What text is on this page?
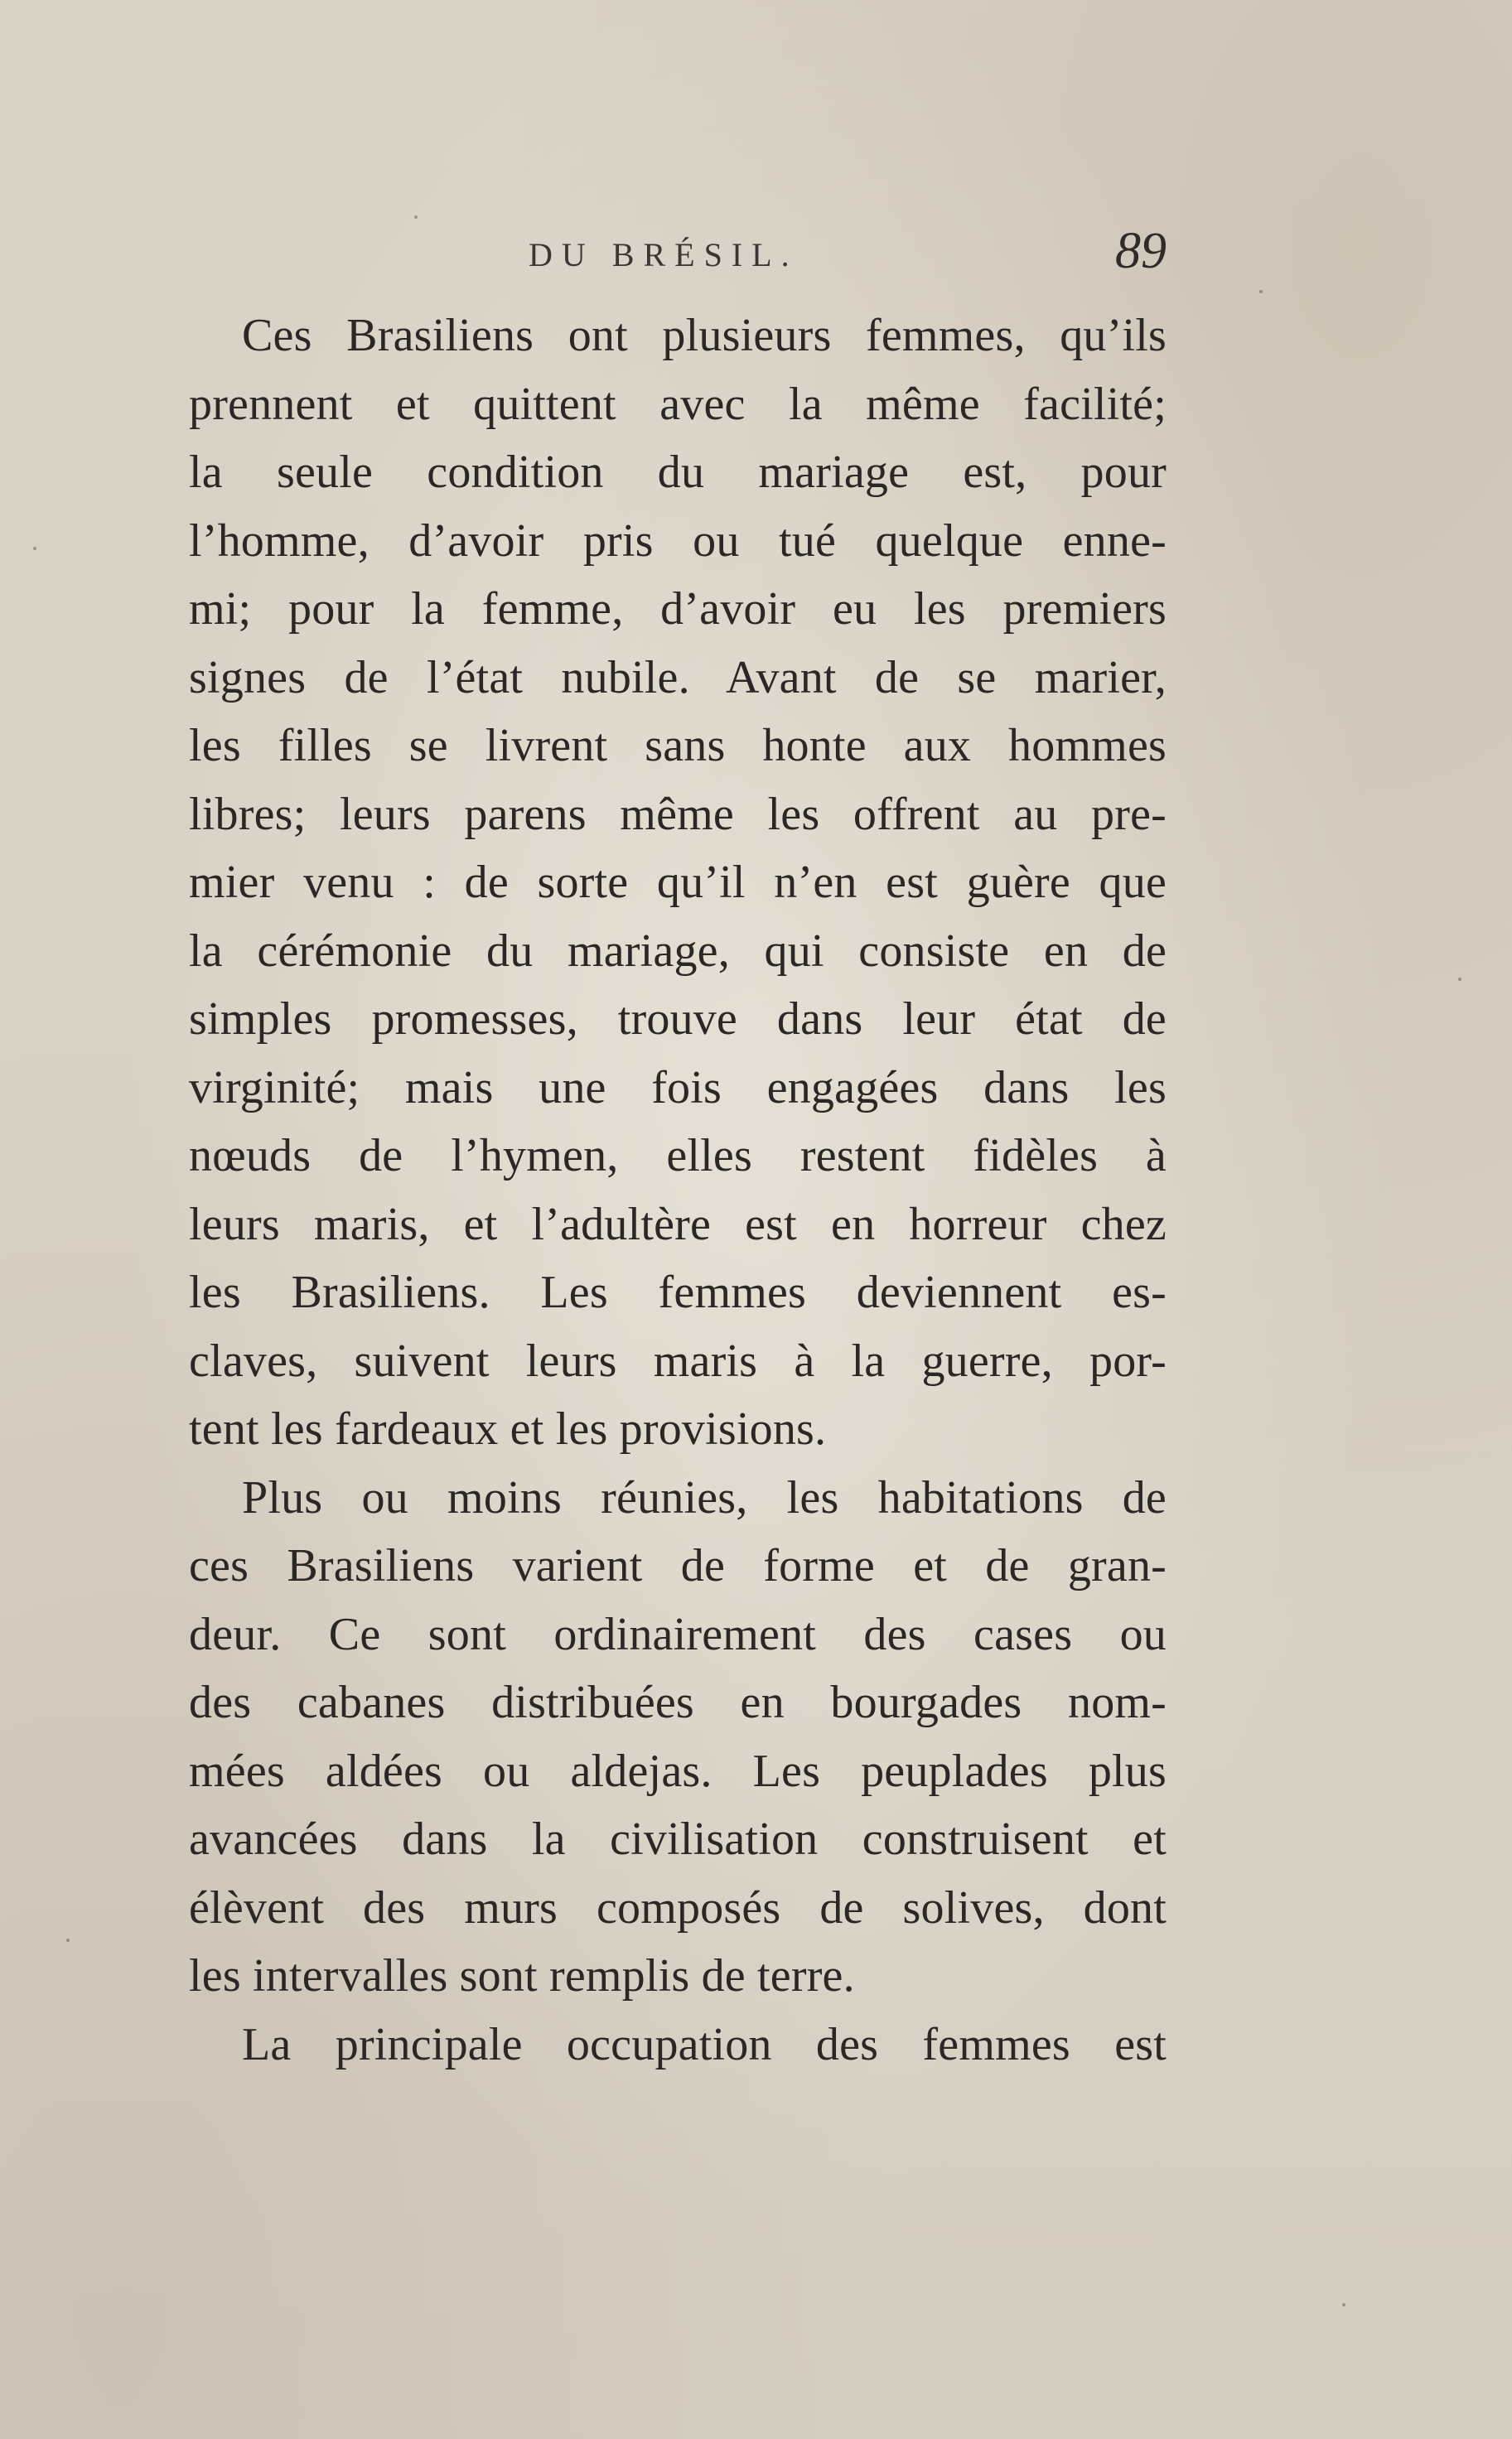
DU BRÉSIL.	89
Ces Brasiliens ont plusieurs femmes, qu’ils
prennent et quittent avec la même facilité;
la seule condition du mariage est, pour
l’homme, d’avoir pris ou tué quelque enne-
mi; pour la femme, d’avoir eu les premiers
signes de l’état nubile. Avant de se marier,
les filles se livrent sans honte aux hommes
libres; leurs parens même les offrent au pre-
mier venu : de sorte qu’il n’en est guère que
la cérémonie du mariage, qui consiste en de
simples promesses, trouve dans leur état de
virginité; mais une fois engagées dans les
nœuds de l’hymen, elles restent fidèles à
leurs maris, et l’adultère est en horreur chez
les Brasiliens. Les femmes deviennent es-
claves, suivent leurs maris à la guerre, por-
tent les fardeaux et les provisions.
Plus ou moins réunies, les habitations de
ces Brasiliens varient de forme et de gran-
deur. Ce sont ordinairement des cases ou
des cabanes distribuées en bourgades nom-
mées aldées ou aldejas. Les peuplades plus
avancées dans la civilisation construisent et
élèvent des murs composés de solives, dont
les intervalles sont remplis de terre.
La principale occupation des femmes est
